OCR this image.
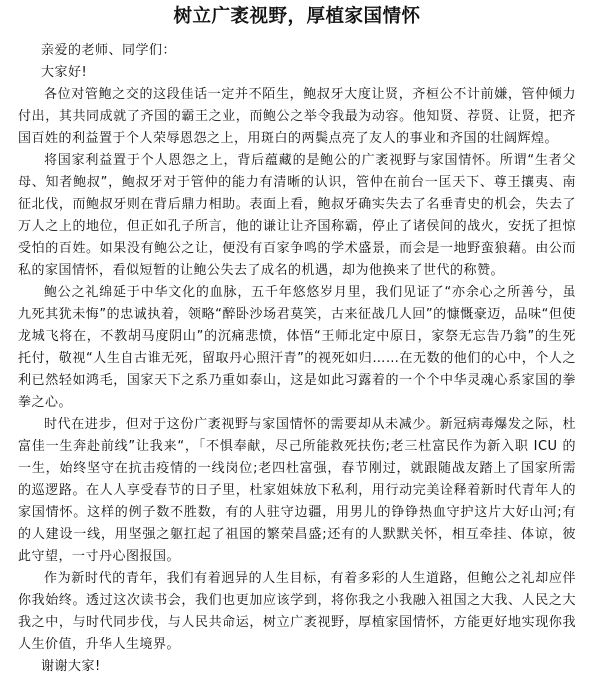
树立广袤视野，厚植家国情怀

亲爱的老师、同学们：

大家好!

各位对管鲍之交的这段佳话一定并不陌生，鲍叔牙大度让贤，齐桓公不计前嫌，管仲倾力付出，其共同成就了齐国的霸王之业，而鲍公之举令我最为动容。他知贤、荐贤、让贤，把齐国百姓的利益置于个人荣辱恩怨之上，用斑白的两鬓点亮了友人的事业和齐国的壮阔辉煌。

将国家利益置于个人恩怨之上，背后蕴藏的是鲍公的广袤视野与家国情怀。所谓“生者父母、知者鲍叔”，鲍叔牙对于管仲的能力有清晰的认识，管仲在前台一匡天下、尊王攘夷、南征北伐，而鲍叔牙则在背后鼎力相助。表面上看，鲍叔牙确实失去了名垂青史的机会，失去了万人之上的地位，但正如孔子所言，他的谦让让齐国称霸，停止了诸侯间的战火，安抚了担惊受怕的百姓。如果没有鲍公之让，便没有百家争鸣的学术盛景，而会是一地野蛮狼藉。由公而私的家国情怀，看似短暂的让鲍公失去了成名的机遇，却为他换来了世代的称赞。

鲍公之礼绵延于中华文化的血脉，五千年悠悠岁月里，我们见证了“亦余心之所善兮，虽九死其犹未悔”的忠诚执着，领略“醉卧沙场君莫笑，古来征战几人回”的慷慨豪迈，品味“但使龙城飞将在，不教胡马度阴山”的沉痛悲愤，体悟“王师北定中原日，家祭无忘告乃翁”的生死托付，敬视“人生自古谁无死，留取丹心照汗青”的视死如归……在无数的他们的心中，个人之利已然轻如鸿毛，国家天下之系乃重如泰山，这是如此习露着的一个个中华灵魂心系家国的拳拳之心。

时代在进步，但对于这份广袤视野与家国情怀的需要却从未减少。新冠病毒爆发之际，杜富佳一生奔赴前线”让我来“，「不惧奉献，尽己所能救死扶伤;老三杜富民作为新入职 ICU 的一生，始终坚守在抗击疫情的一线岗位;老四杜富强，春节刚过，就跟随战友踏上了国家所需的巡逻路。在人人享受春节的日子里，杜家姐妹放下私利，用行动完美诠释着新时代青年人的家国情怀。这样的例子数不胜数，有的人驻守边疆，用男儿的铮铮热血守护这片大好山河;有的人建设一线，用坚强之躯扛起了祖国的繁荣昌盛;还有的人默默关怀，相互牵挂、体谅，彼此守望，一寸丹心图报国。

作为新时代的青年，我们有着迥异的人生目标，有着多彩的人生道路，但鲍公之礼却应伴你我始终。透过这次读书会，我们也更加应该学到，将你我之小我融入祖国之大我、人民之大我之中，与时代同步伐，与人民共命运，树立广袤视野，厚植家国情怀，方能更好地实现你我人生价值，升华人生境界。

谢谢大家!
